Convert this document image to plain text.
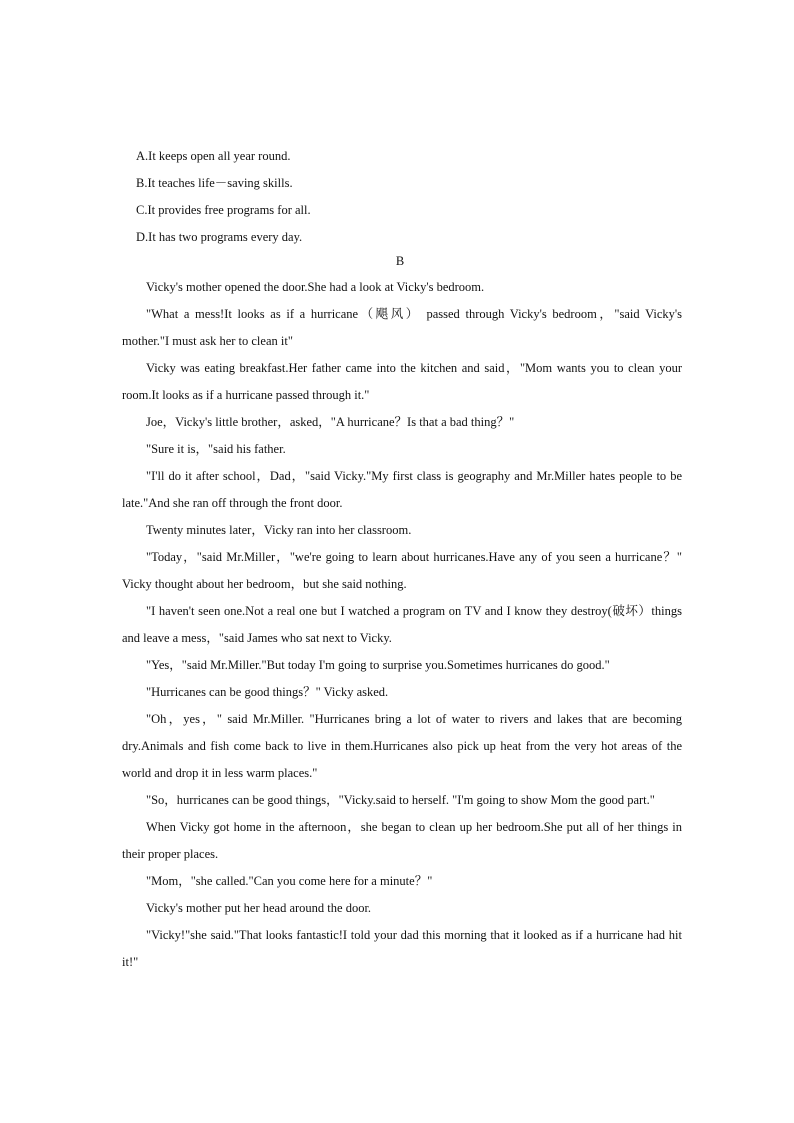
A.It keeps open all year round.
B.It teaches life－saving skills.
C.It provides free programs for all.
D.It has two programs every day.
B

Vicky's mother opened the door.She had a look at Vicky's bedroom.

"What a mess!It looks as if a hurricane（飓风） passed through Vicky's bedroom，"said Vicky's mother."I must ask her to clean it"

Vicky was eating breakfast.Her father came into the kitchen and said，"Mom wants you to clean your room.It looks as if a hurricane passed through it."

Joe，Vicky's little brother，asked，"A hurricane？Is that a bad thing？"

"Sure it is，"said his father.

"I'll do it after school，Dad，"said Vicky."My first class is geography and Mr.Miller hates people to be late."And she ran off through the front door.

Twenty minutes later，Vicky ran into her classroom.

"Today，"said Mr.Miller，"we're going to learn about hurricanes.Have any of you seen a hurricane？" Vicky thought about her bedroom，but she said nothing.

"I haven't seen one.Not a real one but I watched a program on TV and I know they destroy(破坏）things and leave a mess，"said James who sat next to Vicky.

"Yes，"said Mr.Miller."But today I'm going to surprise you.Sometimes hurricanes do good."

"Hurricanes can be good things？" Vicky asked.

"Oh，yes，" said Mr.Miller. "Hurricanes bring a lot of water to rivers and lakes that are becoming dry.Animals and fish come back to live in them.Hurricanes also pick up heat from the very hot areas of the world and drop it in less warm places."

"So，hurricanes can be good things，"Vicky.said to herself. "I'm going to show Mom the good part."

When Vicky got home in the afternoon，she began to clean up her bedroom.She put all of her things in their proper places.

"Mom，"she called."Can you come here for a minute？"

Vicky's mother put her head around the door.

"Vicky!"she said."That looks fantastic!I told your dad this morning that it looked as if a hurricane had hit it!"
